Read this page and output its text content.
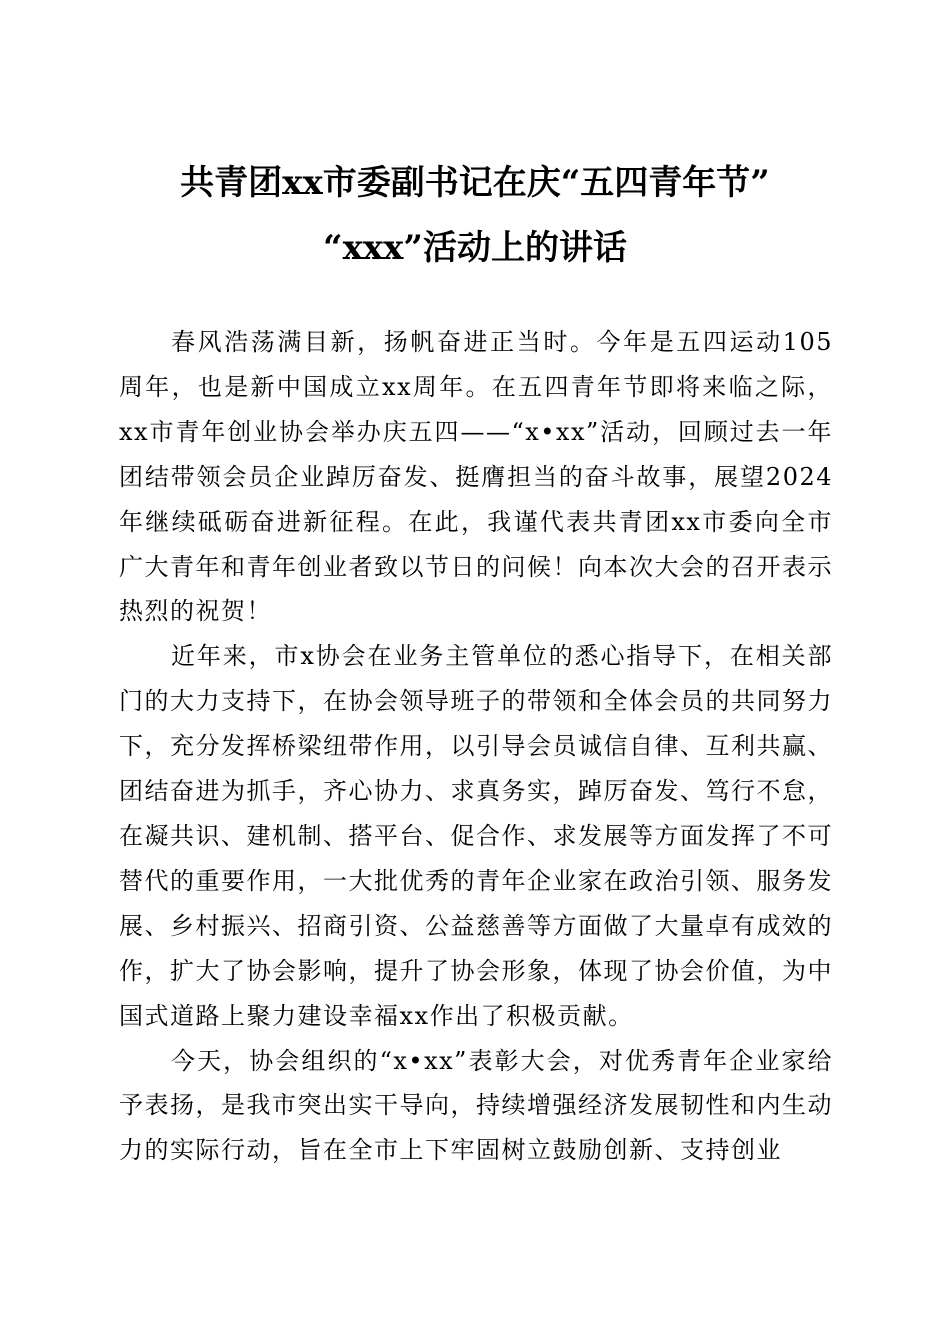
共青团xx市委副书记在庆“五四青年节”
“xxx”活动上的讲话

春风浩荡满目新，扬帆奋进正当时。今年是五四运动105周年，也是新中国成立xx周年。在五四青年节即将来临之际，xx市青年创业协会举办庆五四——“x•xx”活动，回顾过去一年团结带领会员企业踔厉奋发、挺膺担当的奋斗故事，展望2024年继续砥砺奋进新征程。在此，我谨代表共青团xx市委向全市广大青年和青年创业者致以节日的问候！向本次大会的召开表示热烈的祝贺！

近年来，市x协会在业务主管单位的悉心指导下，在相关部门的大力支持下，在协会领导班子的带领和全体会员的共同努力下，充分发挥桥梁纽带作用，以引导会员诚信自律、互利共赢、团结奋进为抓手，齐心协力、求真务实，踔厉奋发、笃行不怠，在凝共识、建机制、搭平台、促合作、求发展等方面发挥了不可替代的重要作用，一大批优秀的青年企业家在政治引领、服务发展、乡村振兴、招商引资、公益慈善等方面做了大量卓有成效的作，扩大了协会影响，提升了协会形象，体现了协会价值，为中国式道路上聚力建设幸福xx作出了积极贡献。

今天，协会组织的“x•xx”表彰大会，对优秀青年企业家给予表扬，是我市突出实干导向，持续增强经济发展韧性和内生动力的实际行动，旨在全市上下牢固树立鼓励创新、支持创业
